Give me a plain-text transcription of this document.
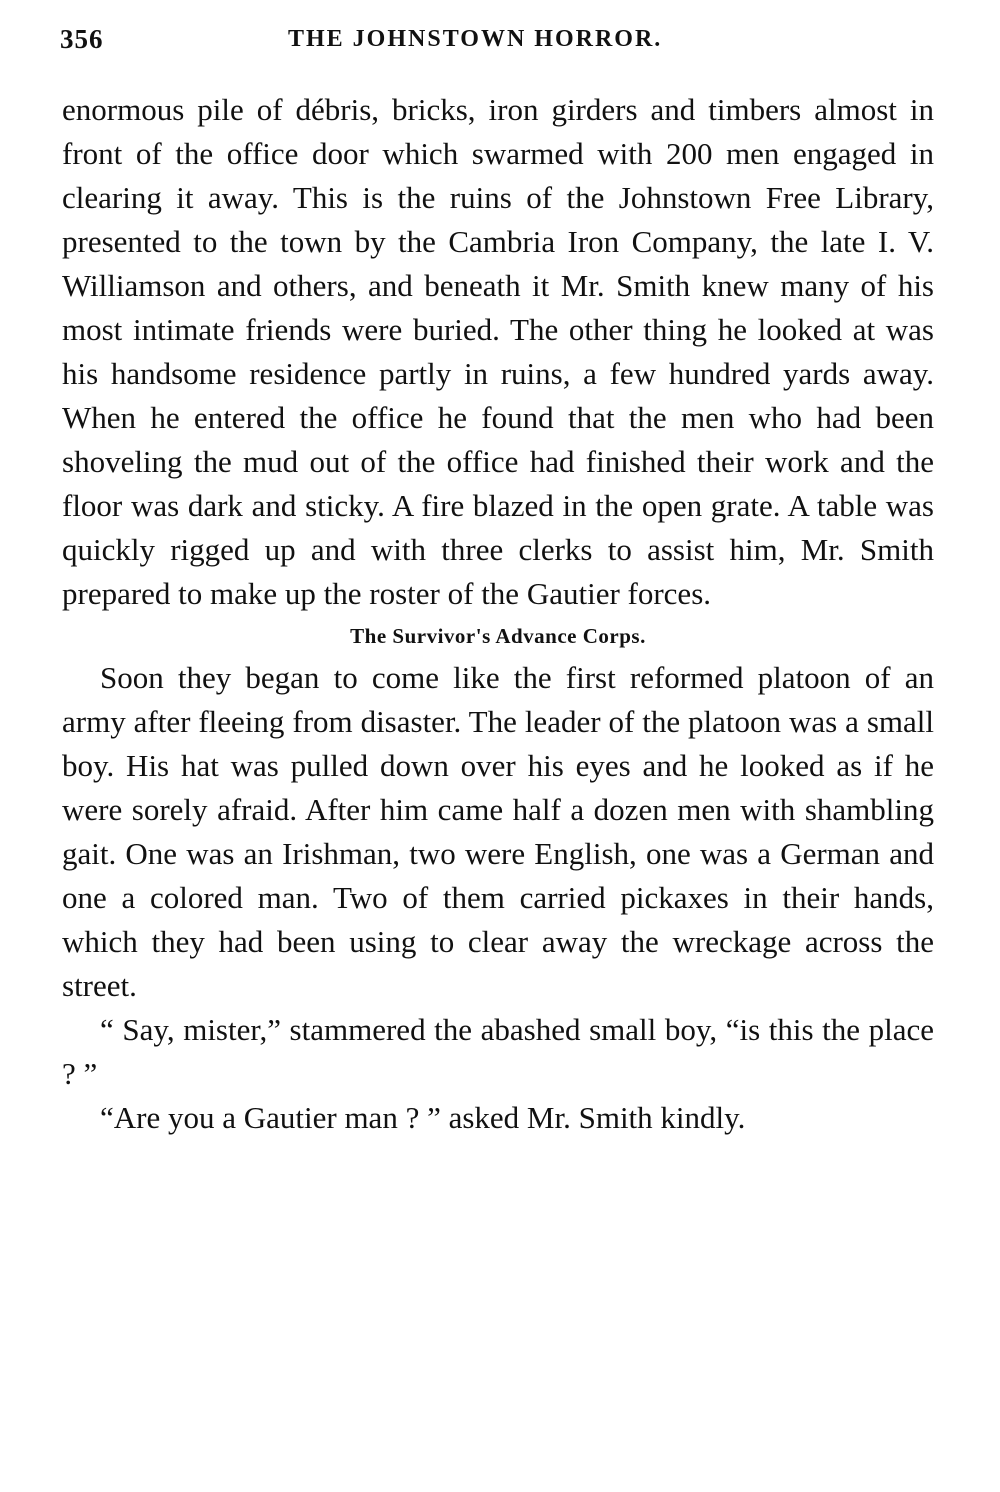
356	THE JOHNSTOWN HORROR.

enormous pile of débris, bricks, iron girders and timbers almost in front of the office door which swarmed with 200 men engaged in clearing it away. This is the ruins of the Johnstown Free Library, presented to the town by the Cambria Iron Company, the late I. V. Williamson and others, and beneath it Mr. Smith knew many of his most intimate friends were buried. The other thing he looked at was his handsome residence partly in ruins, a few hundred yards away. When he entered the office he found that the men who had been shoveling the mud out of the office had finished their work and the floor was dark and sticky. A fire blazed in the open grate. A table was quickly rigged up and with three clerks to assist him, Mr. Smith prepared to make up the roster of the Gautier forces.

The Survivor's Advance Corps.

Soon they began to come like the first reformed platoon of an army after fleeing from disaster. The leader of the platoon was a small boy. His hat was pulled down over his eyes and he looked as if he were sorely afraid. After him came half a dozen men with shambling gait. One was an Irishman, two were English, one was a German and one a colored man. Two of them carried pickaxes in their hands, which they had been using to clear away the wreckage across the street.

“ Say, mister,” stammered the abashed small boy, “is this the place ? ”

“Are you a Gautier man ? ” asked Mr. Smith kindly.
